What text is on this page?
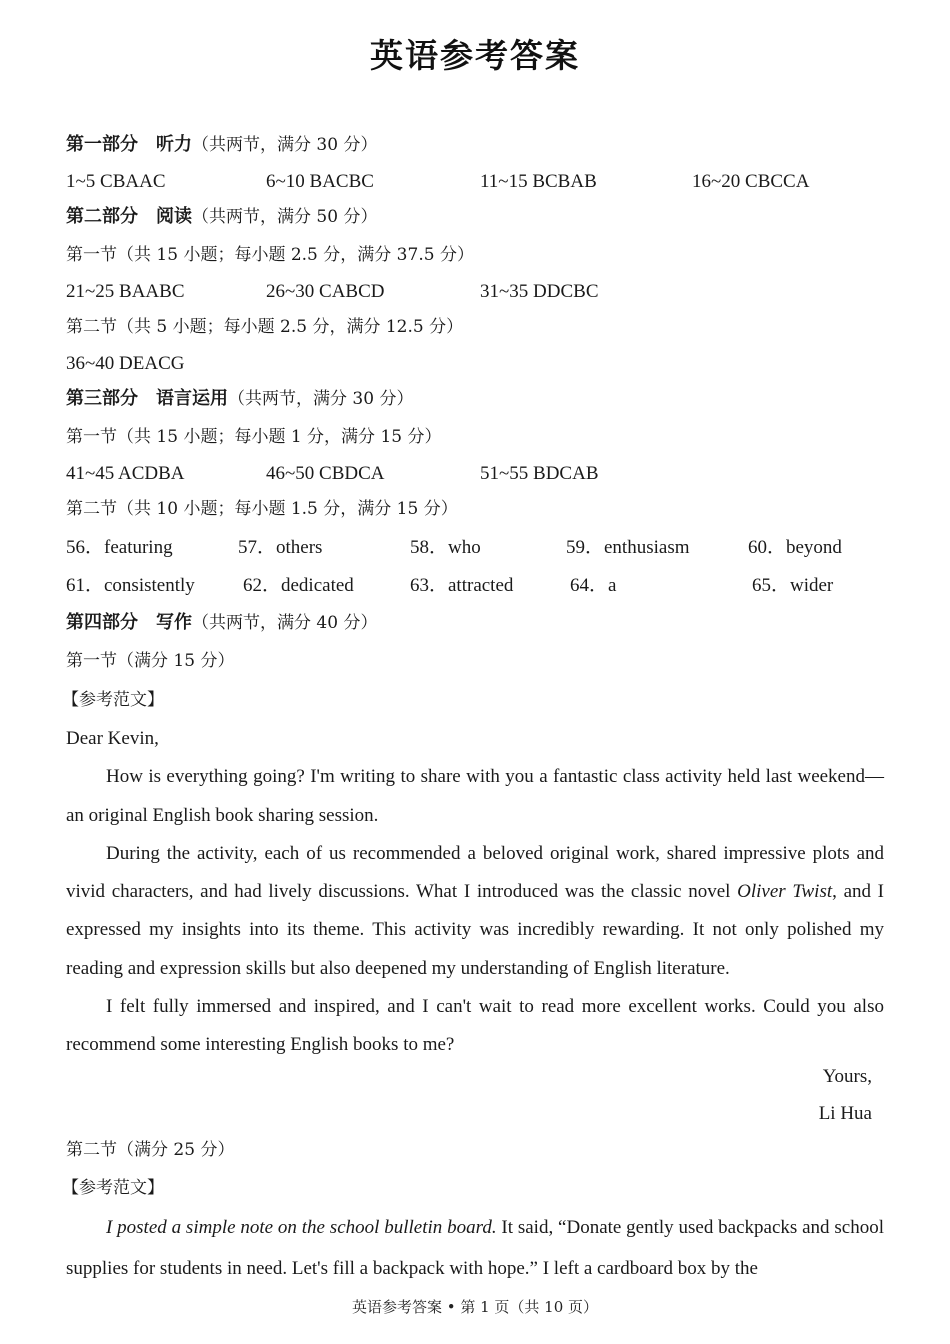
英语参考答案
第一部分　听力（共两节，满分 30 分）
1~5 CBAAC	6~10 BACBC	11~15 BCBAB	16~20 CBCCA
第二部分　阅读（共两节，满分 50 分）
第一节（共 15 小题；每小题 2.5 分，满分 37.5 分）
21~25 BAABC	26~30 CABCD	31~35 DDCBC
第二节（共 5 小题；每小题 2.5 分，满分 12.5 分）
36~40 DEACG
第三部分　语言运用（共两节，满分 30 分）
第一节（共 15 小题；每小题 1 分，满分 15 分）
41~45 ACDBA	46~50 CBDCA	51~55 BDCAB
第二节（共 10 小题；每小题 1.5 分，满分 15 分）
56．featuring	57．others	58．who	59．enthusiasm	60．beyond
61．consistently	62．dedicated	63．attracted	64．a	65．wider
第四部分　写作（共两节，满分 40 分）
第一节（满分 15 分）
【参考范文】

Dear Kevin,

How is everything going? I'm writing to share with you a fantastic class activity held last weekend—an original English book sharing session.

During the activity, each of us recommended a beloved original work, shared impressive plots and vivid characters, and had lively discussions. What I introduced was the classic novel Oliver Twist, and I expressed my insights into its theme. This activity was incredibly rewarding. It not only polished my reading and expression skills but also deepened my understanding of English literature.

I felt fully immersed and inspired, and I can't wait to read more excellent works. Could you also recommend some interesting English books to me?

Yours,
Li Hua
第二节（满分 25 分）
【参考范文】

I posted a simple note on the school bulletin board. It said, “Donate gently used backpacks and school supplies for students in need. Let's fill a backpack with hope.” I left a cardboard box by the

英语参考答案 • 第 1 页（共 10 页）
